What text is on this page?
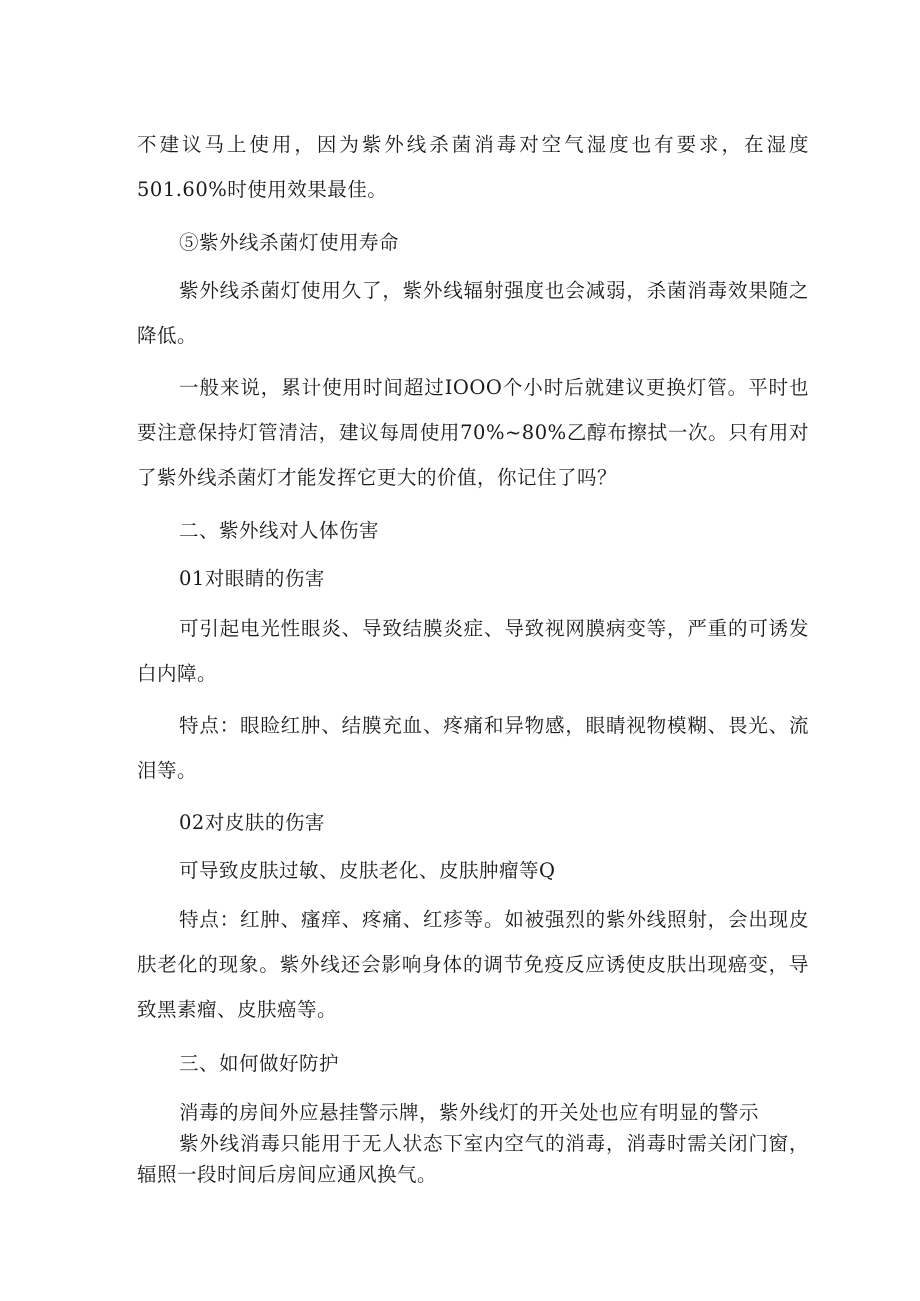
不建议马上使用，因为紫外线杀菌消毒对空气湿度也有要求，在湿度501.60%时使用效果最佳。

⑤紫外线杀菌灯使用寿命

紫外线杀菌灯使用久了，紫外线辐射强度也会减弱，杀菌消毒效果随之降低。

一般来说，累计使用时间超过IOOO个小时后就建议更换灯管。平时也要注意保持灯管清洁，建议每周使用70%~80%乙醇布擦拭一次。只有用对了紫外线杀菌灯才能发挥它更大的价值，你记住了吗？

二、紫外线对人体伤害

01对眼睛的伤害

可引起电光性眼炎、导致结膜炎症、导致视网膜病变等，严重的可诱发白内障。

特点：眼睑红肿、结膜充血、疼痛和异物感，眼睛视物模糊、畏光、流泪等。

02对皮肤的伤害

可导致皮肤过敏、皮肤老化、皮肤肿瘤等Q

特点：红肿、瘙痒、疼痛、红疹等。如被强烈的紫外线照射，会出现皮肤老化的现象。紫外线还会影响身体的调节免疫反应诱使皮肤出现癌变，导致黑素瘤、皮肤癌等。

三、如何做好防护

消毒的房间外应悬挂警示牌，紫外线灯的开关处也应有明显的警示

紫外线消毒只能用于无人状态下室内空气的消毒，消毒时需关闭门窗，辐照一段时间后房间应通风换气。
